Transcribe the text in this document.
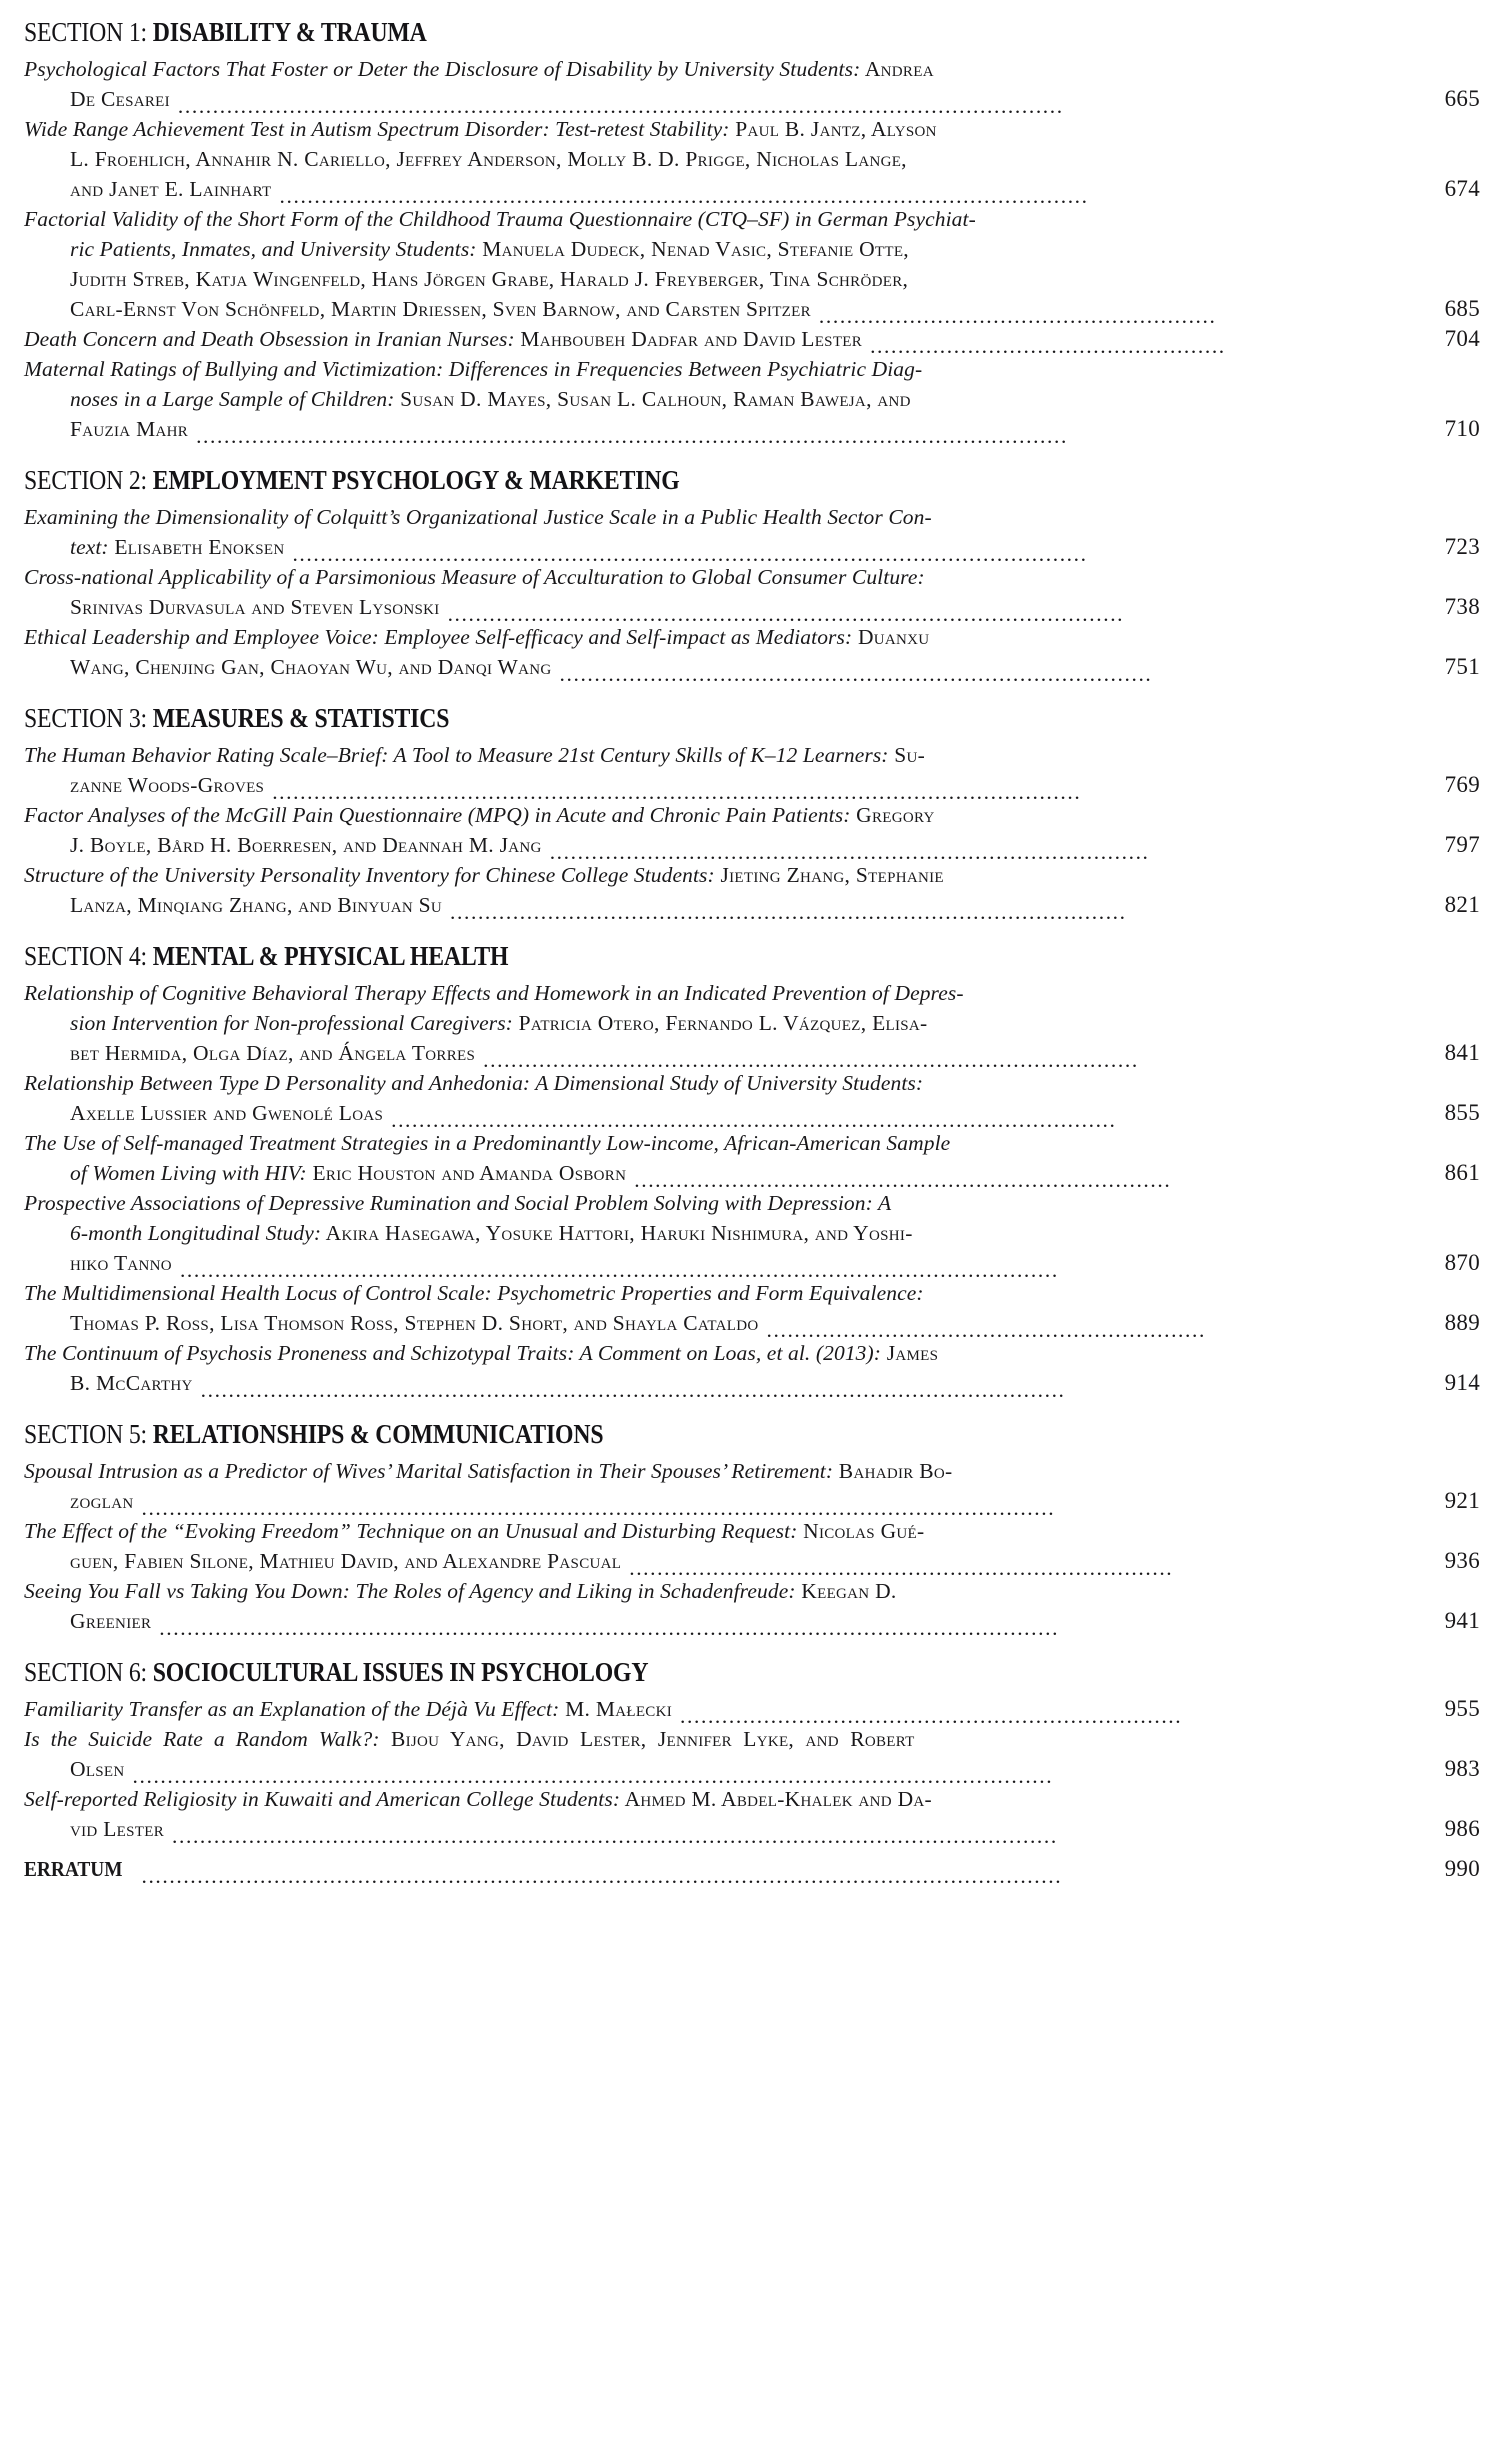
SECTION 1: DISABILITY & TRAUMA
Psychological Factors That Foster or Deter the Disclosure of Disability by University Students: Andrea
De Cesarei ...............................................................................................................................	665
Wide Range Achievement Test in Autism Spectrum Disorder: Test-retest Stability: Paul B. Jantz, Alyson
L. Froehlich, Annahir N. Cariello, Jeffrey Anderson, Molly B. D. Prigge, Nicholas Lange,
and Janet E. Lainhart ....................................................................................................................	674
Factorial Validity of the Short Form of the Childhood Trauma Questionnaire (CTQ–SF) in German Psychiat-
ric Patients, Inmates, and University Students: Manuela Dudeck, Nenad Vasic, Stefanie Otte,
Judith Streb, Katja Wingenfeld, Hans Jörgen Grabe, Harald J. Freyberger, Tina Schröder,
Carl-Ernst Von Schönfeld, Martin Driessen, Sven Barnow, and Carsten Spitzer .........................................................	685
Death Concern and Death Obsession in Iranian Nurses: Mahboubeh Dadfar and David Lester ...................................................	704
Maternal Ratings of Bullying and Victimization: Differences in Frequencies Between Psychiatric Diag-
noses in a Large Sample of Children: Susan D. Mayes, Susan L. Calhoun, Raman Baweja, and
Fauzia Mahr .............................................................................................................................	710
SECTION 2: EMPLOYMENT PSYCHOLOGY & MARKETING
Examining the Dimensionality of Colquitt’s Organizational Justice Scale in a Public Health Sector Con-
text: Elisabeth Enoksen ..................................................................................................................	723
Cross-national Applicability of a Parsimonious Measure of Acculturation to Global Consumer Culture:
Srinivas Durvasula and Steven Lysonski .................................................................................................	738
Ethical Leadership and Employee Voice: Employee Self-efficacy and Self-impact as Mediators: Duanxu
Wang, Chenjing Gan, Chaoyan Wu, and Danqi Wang .....................................................................................	751
SECTION 3: MEASURES & STATISTICS
The Human Behavior Rating Scale–Brief: A Tool to Measure 21st Century Skills of K–12 Learners: Su-
zanne Woods-Groves ....................................................................................................................	769
Factor Analyses of the McGill Pain Questionnaire (MPQ) in Acute and Chronic Pain Patients: Gregory
J. Boyle, Bård H. Boerresen, and Deannah M. Jang ......................................................................................	797
Structure of the University Personality Inventory for Chinese College Students: Jieting Zhang, Stephanie
Lanza, Minqiang Zhang, and Binyuan Su .................................................................................................	821
SECTION 4: MENTAL & PHYSICAL HEALTH
Relationship of Cognitive Behavioral Therapy Effects and Homework in an Indicated Prevention of Depres-
sion Intervention for Non-professional Caregivers: Patricia Otero, Fernando L. Vázquez, Elisa-
bet Hermida, Olga Díaz, and Ángela Torres ..............................................................................................	841
Relationship Between Type D Personality and Anhedonia: A Dimensional Study of University Students:
Axelle Lussier and Gwenolé Loas ........................................................................................................	855
The Use of Self-managed Treatment Strategies in a Predominantly Low-income, African-American Sample
of Women Living with HIV: Eric Houston and Amanda Osborn .............................................................................	861
Prospective Associations of Depressive Rumination and Social Problem Solving with Depression: A
6-month Longitudinal Study: Akira Hasegawa, Yosuke Hattori, Haruki Nishimura, and Yoshi-
hiko Tanno ..............................................................................................................................	870
The Multidimensional Health Locus of Control Scale: Psychometric Properties and Form Equivalence:
Thomas P. Ross, Lisa Thomson Ross, Stephen D. Short, and Shayla Cataldo ...............................................................	889
The Continuum of Psychosis Proneness and Schizotypal Traits: A Comment on Loas, et al. (2013): James
B. McCarthy ............................................................................................................................	914
SECTION 5: RELATIONSHIPS & COMMUNICATIONS
Spousal Intrusion as a Predictor of Wives’ Marital Satisfaction in Their Spouses’ Retirement: Bahadir Bo-
zoglan ...................................................................................................................................	921
The Effect of the “Evoking Freedom” Technique on an Unusual and Disturbing Request: Nicolas Gué-
guen, Fabien Silone, Mathieu David, and Alexandre Pascual ..............................................................................	936
Seeing You Fall vs Taking You Down: The Roles of Agency and Liking in Schadenfreude: Keegan D.
Greenier .................................................................................................................................	941
SECTION 6: SOCIOCULTURAL ISSUES IN PSYCHOLOGY
Familiarity Transfer as an Explanation of the Déjà Vu Effect: M. Małecki ........................................................................	955
Is  the  Suicide  Rate  a  Random  Walk?:  Bijou  Yang,  David  Lester,  Jennifer  Lyke,  and  Robert
Olsen ....................................................................................................................................	983
Self-reported Religiosity in Kuwaiti and American College Students: Ahmed M. Abdel-Khalek and Da-
vid Lester ...............................................................................................................................	986
ERRATUM ....................................................................................................................................	990
